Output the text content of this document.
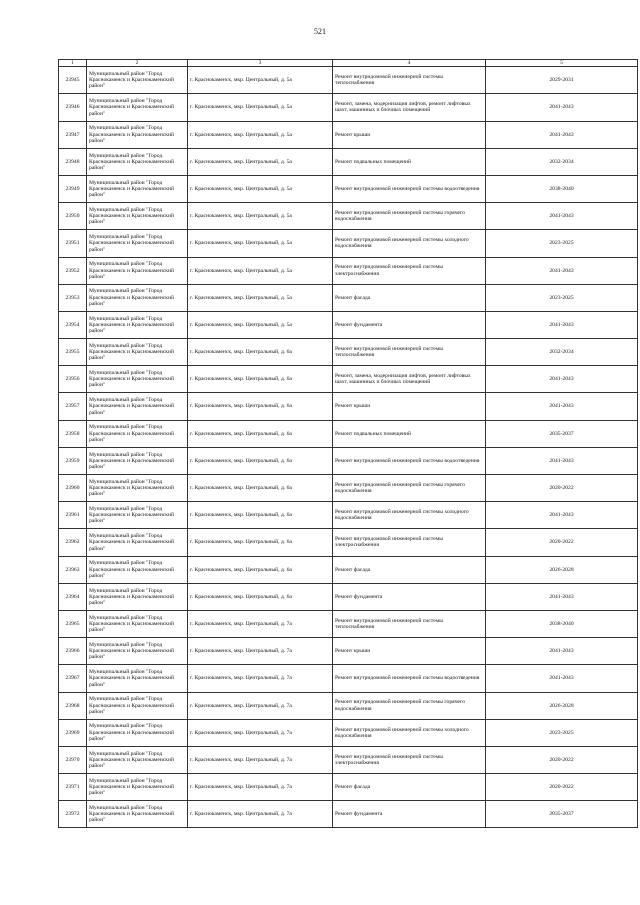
521
1	2	3	4	5
23945	Муниципальный район "Город Краснокаменск и Краснокаменский район"	г. Краснокаменск, мкр. Центральный, д. 5а	Ремонт внутридомовой инженерной системы теплоснабжения	2029-2031
23946	Муниципальный район "Город Краснокаменск и Краснокаменский район"	г. Краснокаменск, мкр. Центральный, д. 5а	Ремонт, замена, модернизация лифтов, ремонт лифтовых шахт, машинных и блочных помещений	2041-2043
23947	Муниципальный район "Город Краснокаменск и Краснокаменский район"	г. Краснокаменск, мкр. Центральный, д. 5а	Ремонт крыши	2041-2043
23948	Муниципальный район "Город Краснокаменск и Краснокаменский район"	г. Краснокаменск, мкр. Центральный, д. 5а	Ремонт подвальных помещений	2032-2034
23949	Муниципальный район "Город Краснокаменск и Краснокаменский район"	г. Краснокаменск, мкр. Центральный, д. 5а	Ремонт внутридомовой инженерной системы водоотведения	2038-2040
23950	Муниципальный район "Город Краснокаменск и Краснокаменский район"	г. Краснокаменск, мкр. Центральный, д. 5а	Ремонт внутридомовой инженерной системы горячего водоснабжения	2041-2043
23951	Муниципальный район "Город Краснокаменск и Краснокаменский район"	г. Краснокаменск, мкр. Центральный, д. 5а	Ремонт внутридомовой инженерной системы холодного водоснабжения	2023-2025
23952	Муниципальный район "Город Краснокаменск и Краснокаменский район"	г. Краснокаменск, мкр. Центральный, д. 5а	Ремонт внутридомовой инженерной системы электроснабжения	2041-2043
23953	Муниципальный район "Город Краснокаменск и Краснокаменский район"	г. Краснокаменск, мкр. Центральный, д. 5а	Ремонт фасада	2023-2025
23954	Муниципальный район "Город Краснокаменск и Краснокаменский район"	г. Краснокаменск, мкр. Центральный, д. 5а	Ремонт фундамента	2041-2043
23955	Муниципальный район "Город Краснокаменск и Краснокаменский район"	г. Краснокаменск, мкр. Центральный, д. 6а	Ремонт внутридомовой инженерной системы теплоснабжения	2032-2034
23956	Муниципальный район "Город Краснокаменск и Краснокаменский район"	г. Краснокаменск, мкр. Центральный, д. 6а	Ремонт, замена, модернизация лифтов, ремонт лифтовых шахт, машинных и блочных помещений	2041-2043
23957	Муниципальный район "Город Краснокаменск и Краснокаменский район"	г. Краснокаменск, мкр. Центральный, д. 6а	Ремонт крыши	2041-2043
23958	Муниципальный район "Город Краснокаменск и Краснокаменский район"	г. Краснокаменск, мкр. Центральный, д. 6а	Ремонт подвальных помещений	2035-2037
23959	Муниципальный район "Город Краснокаменск и Краснокаменский район"	г. Краснокаменск, мкр. Центральный, д. 6а	Ремонт внутридомовой инженерной системы водоотведения	2041-2043
23960	Муниципальный район "Город Краснокаменск и Краснокаменский район"	г. Краснокаменск, мкр. Центральный, д. 6а	Ремонт внутридомовой инженерной системы горячего водоснабжения	2020-2022
23961	Муниципальный район "Город Краснокаменск и Краснокаменский район"	г. Краснокаменск, мкр. Центральный, д. 6а	Ремонт внутридомовой инженерной системы холодного водоснабжения	2041-2043
23962	Муниципальный район "Город Краснокаменск и Краснокаменский район"	г. Краснокаменск, мкр. Центральный, д. 6а	Ремонт внутридомовой инженерной системы электроснабжения	2020-2022
23963	Муниципальный район "Город Краснокаменск и Краснокаменский район"	г. Краснокаменск, мкр. Центральный, д. 6а	Ремонт фасада	2026-2028
23964	Муниципальный район "Город Краснокаменск и Краснокаменский район"	г. Краснокаменск, мкр. Центральный, д. 6а	Ремонт фундамента	2041-2043
23965	Муниципальный район "Город Краснокаменск и Краснокаменский район"	г. Краснокаменск, мкр. Центральный, д. 7а	Ремонт внутридомовой инженерной системы теплоснабжения	2038-2040
23966	Муниципальный район "Город Краснокаменск и Краснокаменский район"	г. Краснокаменск, мкр. Центральный, д. 7а	Ремонт крыши	2041-2043
23967	Муниципальный район "Город Краснокаменск и Краснокаменский район"	г. Краснокаменск, мкр. Центральный, д. 7а	Ремонт внутридомовой инженерной системы водоотведения	2041-2043
23968	Муниципальный район "Город Краснокаменск и Краснокаменский район"	г. Краснокаменск, мкр. Центральный, д. 7а	Ремонт внутридомовой инженерной системы горячего водоснабжения	2026-2028
23969	Муниципальный район "Город Краснокаменск и Краснокаменский район"	г. Краснокаменск, мкр. Центральный, д. 7а	Ремонт внутридомовой инженерной системы холодного водоснабжения	2023-2025
23970	Муниципальный район "Город Краснокаменск и Краснокаменский район"	г. Краснокаменск, мкр. Центральный, д. 7а	Ремонт внутридомовой инженерной системы электроснабжения	2020-2022
23971	Муниципальный район "Город Краснокаменск и Краснокаменский район"	г. Краснокаменск, мкр. Центральный, д. 7а	Ремонт фасада	2020-2022
23972	Муниципальный район "Город Краснокаменск и Краснокаменский район"	г. Краснокаменск, мкр. Центральный, д. 7а	Ремонт фундамента	2035-2037
